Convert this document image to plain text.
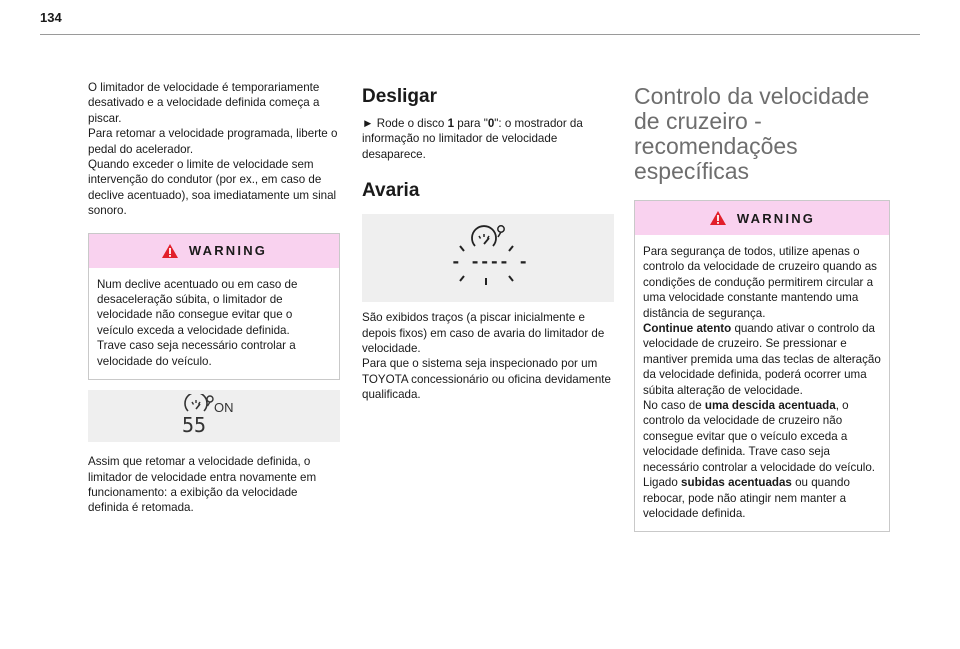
134

O limitador de velocidade é temporariamente desativado e a velocidade definida começa a piscar.

Para retomar a velocidade programada, liberte o pedal do acelerador.

Quando exceder o limite de velocidade sem intervenção do condutor (por ex., em caso de declive acentuado), soa imediatamente um sinal sonoro.

WARNING

Num declive acentuado ou em caso de desaceleração súbita, o limitador de velocidade não consegue evitar que o veículo exceda a velocidade definida.

Trave caso seja necessário controlar a velocidade do veículo.

ON
55

Assim que retomar a velocidade definida, o limitador de velocidade entra novamente em funcionamento: a exibição da velocidade definida é retomada.

Desligar

► Rode o disco 1 para "0": o mostrador da informação no limitador de velocidade desaparece.

Avaria
- ---- -

São exibidos traços (a piscar inicialmente e depois fixos) em caso de avaria do limitador de velocidade.

Para que o sistema seja inspecionado por um TOYOTA concessionário ou oficina devidamente qualificada.

Controlo da velocidade de cruzeiro - recomendações específicas
WARNING

Para segurança de todos, utilize apenas o controlo da velocidade de cruzeiro quando as condições de condução permitirem circular a uma velocidade constante mantendo uma distância de segurança.

Continue atento quando ativar o controlo da velocidade de cruzeiro. Se pressionar e mantiver premida uma das teclas de alteração da velocidade definida, poderá ocorrer uma súbita alteração de velocidade.

No caso de uma descida acentuada, o controlo da velocidade de cruzeiro não consegue evitar que o veículo exceda a velocidade definida. Trave caso seja necessário controlar a velocidade do veículo.

Ligado subidas acentuadas ou quando rebocar, pode não atingir nem manter a velocidade definida.
